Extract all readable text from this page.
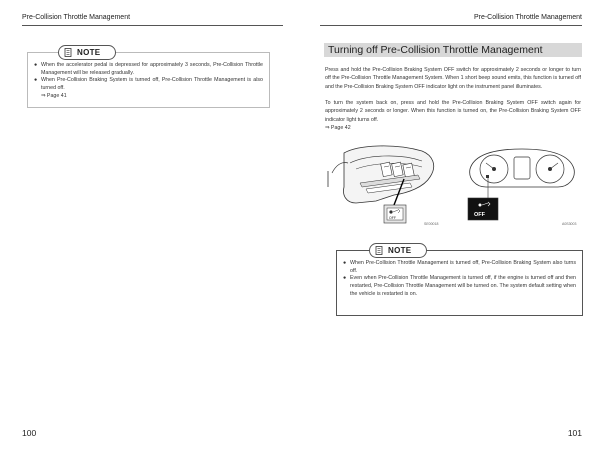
Pre-Collision Throttle Management	Pre-Collision Throttle Management
NOTE
● When the accelerator pedal is depressed for approximately 3 seconds, Pre-Collision Throttle Management will be released gradually.
● When Pre-Collision Braking System is turned off, Pre-Collision Throttle Management is also turned off.
⇒ Page 41
Turning off Pre-Collision Throttle Management
Press and hold the Pre-Collision Braking System OFF switch for approximately 2 seconds or longer to turn off the Pre-Collision Throttle Management System. When 1 short beep sound emits, this function is turned off and the Pre-Collision Braking System OFF indicator light on the instrument panel illuminates.
To turn the system back on, press and hold the Pre-Collision Braking System OFF switch again for approximately 2 seconds or longer. When this function is turned on, the Pre-Collision Braking System OFF indicator light turns off.
⇒ Page 42
OFF
SE00018
OFF
A0S3003
NOTE
● When Pre-Collision Throttle Management is turned off, Pre-Collision Braking System also turns off.
● Even when Pre-Collision Throttle Management is turned off, if the engine is turned off and then restarted, Pre-Collision Throttle Management will be turned on. The system default setting when the vehicle is restarted is on.
100	101
